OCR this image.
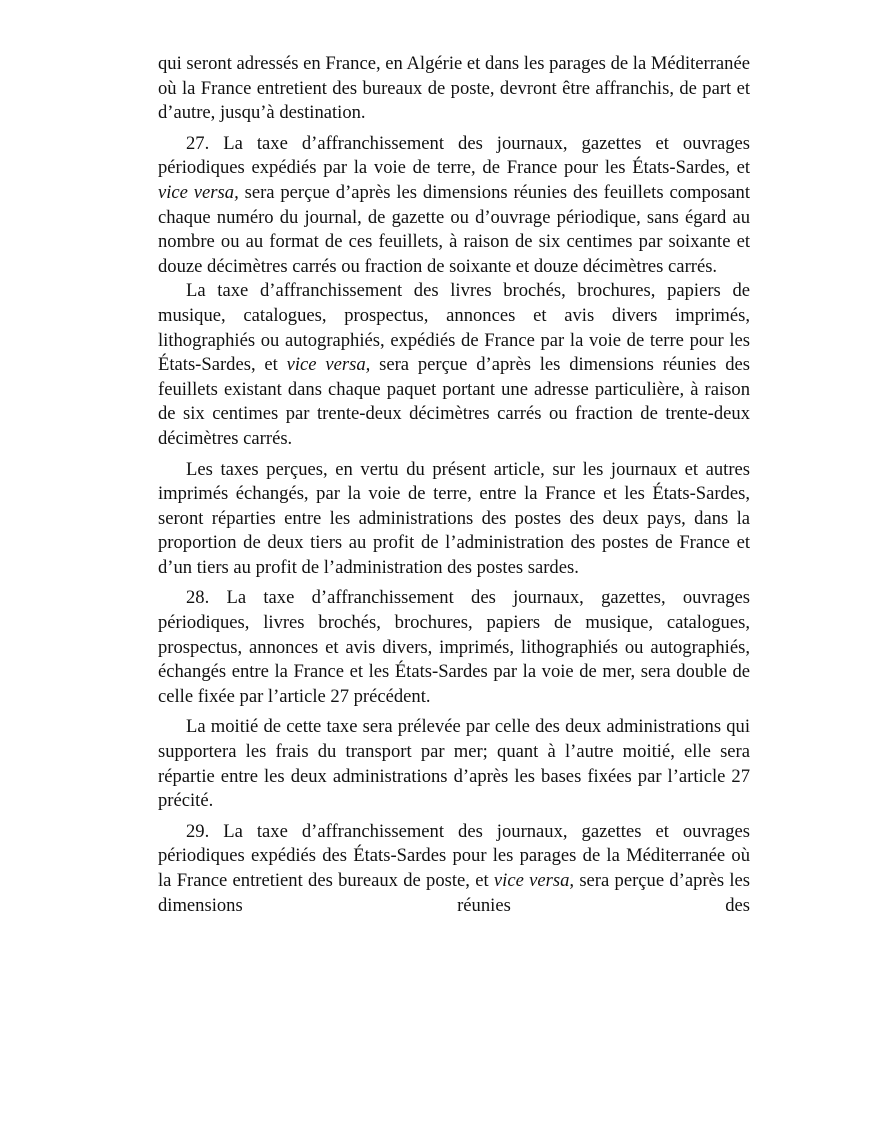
qui seront adressés en France, en Algérie et dans les parages de la Méditerranée où la France entretient des bureaux de poste, devront être affranchis, de part et d’autre, jusqu’à destination.

27. La taxe d’affranchissement des journaux, gazettes et ouvrages périodiques expédiés par la voie de terre, de France pour les États-Sardes, et vice versa, sera perçue d’après les dimensions réunies des feuillets composant chaque numéro du journal, de gazette ou d’ouvrage périodique, sans égard au nombre ou au format de ces feuillets, à raison de six centimes par soixante et douze décimètres carrés ou fraction de soixante et douze décimètres carrés.

La taxe d’affranchissement des livres brochés, brochures, papiers de musique, catalogues, prospectus, annonces et avis divers imprimés, lithographiés ou autographiés, expédiés de France par la voie de terre pour les États-Sardes, et vice versa, sera perçue d’après les dimensions réunies des feuillets existant dans chaque paquet portant une adresse particulière, à raison de six centimes par trente-deux décimètres carrés ou fraction de trente-deux décimètres carrés.

Les taxes perçues, en vertu du présent article, sur les journaux et autres imprimés échangés, par la voie de terre, entre la France et les États-Sardes, seront réparties entre les administrations des postes des deux pays, dans la proportion de deux tiers au profit de l’administration des postes de France et d’un tiers au profit de l’administration des postes sardes.

28. La taxe d’affranchissement des journaux, gazettes, ouvrages périodiques, livres brochés, brochures, papiers de musique, catalogues, prospectus, annonces et avis divers, imprimés, lithographiés ou autographiés, échangés entre la France et les États-Sardes par la voie de mer, sera double de celle fixée par l’article 27 précédent.

La moitié de cette taxe sera prélevée par celle des deux administrations qui supportera les frais du transport par mer; quant à l’autre moitié, elle sera répartie entre les deux administrations d’après les bases fixées par l’article 27 précité.

29. La taxe d’affranchissement des journaux, gazettes et ouvrages périodiques expédiés des États-Sardes pour les parages de la Méditerranée où la France entretient des bureaux de poste, et vice versa, sera perçue d’après les dimensions réunies des
